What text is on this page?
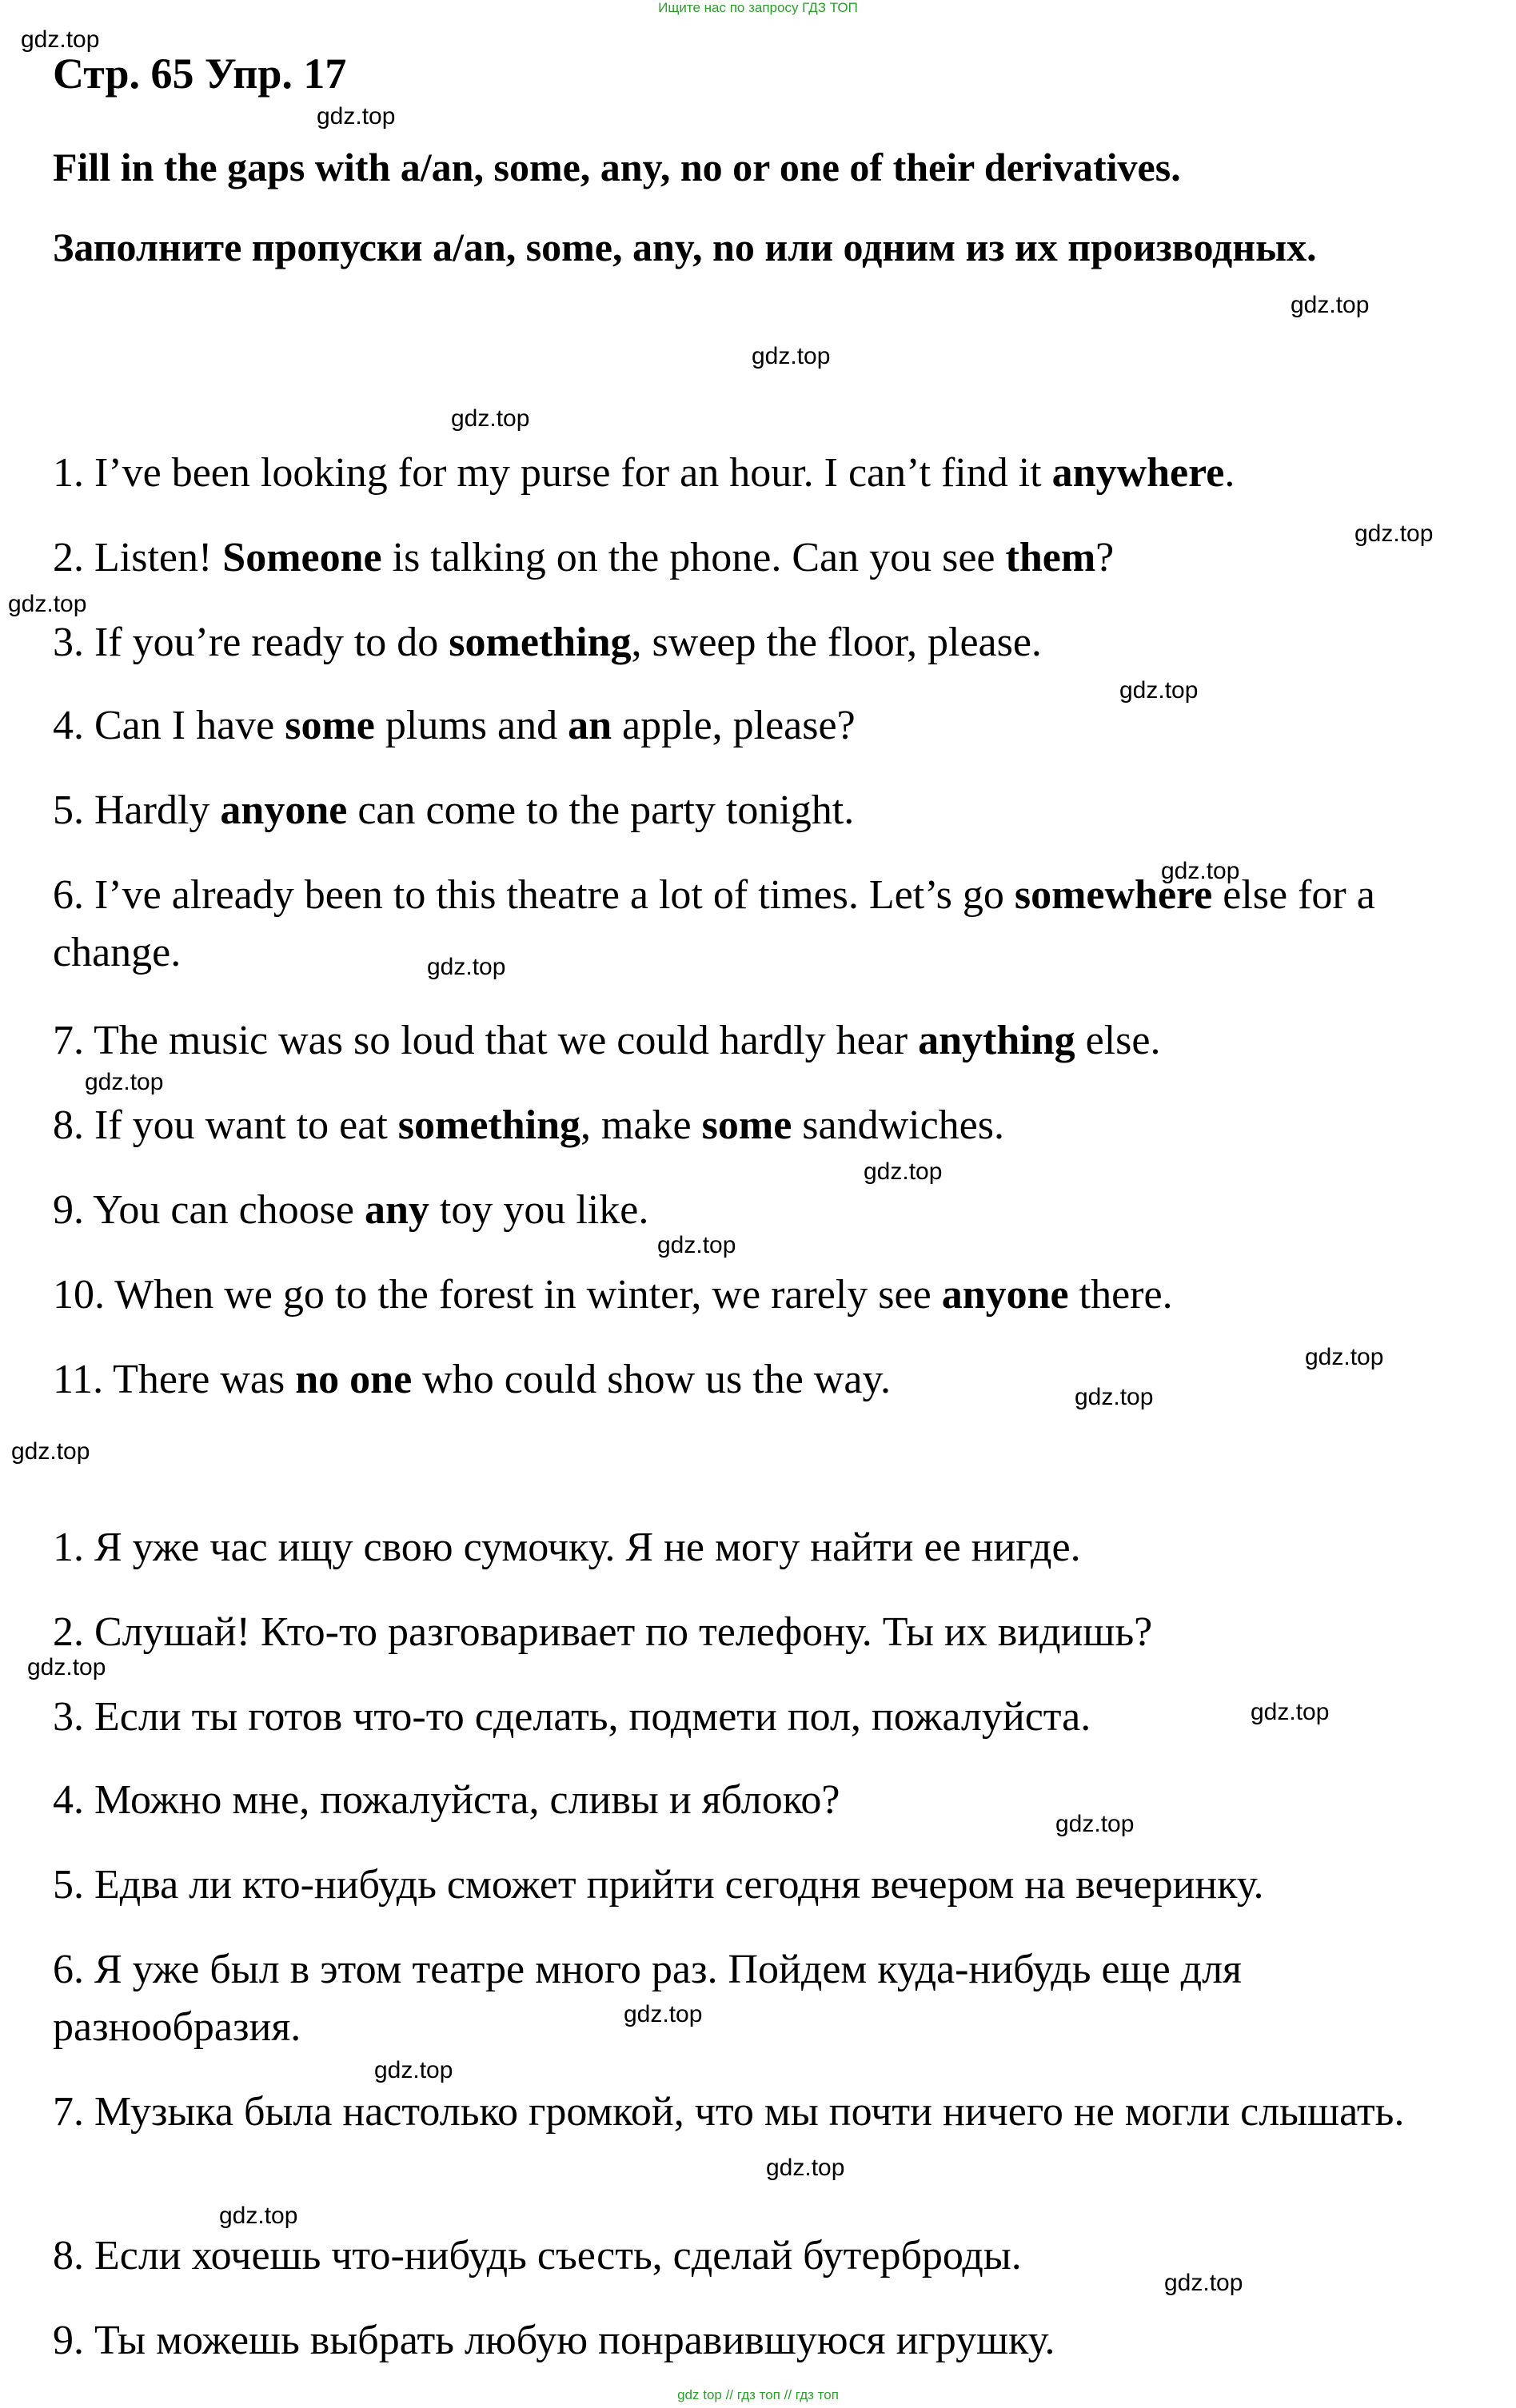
Ищите нас по запросу ГДЗ ТОП
Стр. 65 Упр. 17
Fill in the gaps with a/an, some, any, no or one of their derivatives.
Заполните пропуски a/an, some, any, no или одним из их производных.
1. I’ve been looking for my purse for an hour. I can’t find it anywhere.
2. Listen! Someone is talking on the phone. Can you see them?
3. If you’re ready to do something, sweep the floor, please.
4. Can I have some plums and an apple, please?
5. Hardly anyone can come to the party tonight.
6. I’ve already been to this theatre a lot of times. Let’s go somewhere else for a change.
7. The music was so loud that we could hardly hear anything else.
8. If you want to eat something, make some sandwiches.
9. You can choose any toy you like.
10. When we go to the forest in winter, we rarely see anyone there.
11. There was no one who could show us the way.
1. Я уже час ищу свою сумочку. Я не могу найти ее нигде.
2. Слушай! Кто-то разговаривает по телефону. Ты их видишь?
3. Если ты готов что-то сделать, подмети пол, пожалуйста.
4. Можно мне, пожалуйста, сливы и яблоко?
5. Едва ли кто-нибудь сможет прийти сегодня вечером на вечеринку.
6. Я уже был в этом театре много раз. Пойдем куда-нибудь еще для разнообразия.
7. Музыка была настолько громкой, что мы почти ничего не могли слышать.
8. Если хочешь что-нибудь съесть, сделай бутерброды.
9. Ты можешь выбрать любую понравившуюся игрушку.
gdz.top
gdz.top
gdz.top
gdz.top
gdz.top
gdz.top
gdz.top
gdz.top
gdz.top
gdz.top
gdz.top
gdz.top
gdz.top
gdz.top
gdz.top
gdz.top
gdz.top
gdz.top
gdz.top
gdz.top
gdz.top
gdz.top
gdz.top
gdz.top
gdz top // гдз топ // гдз топ
